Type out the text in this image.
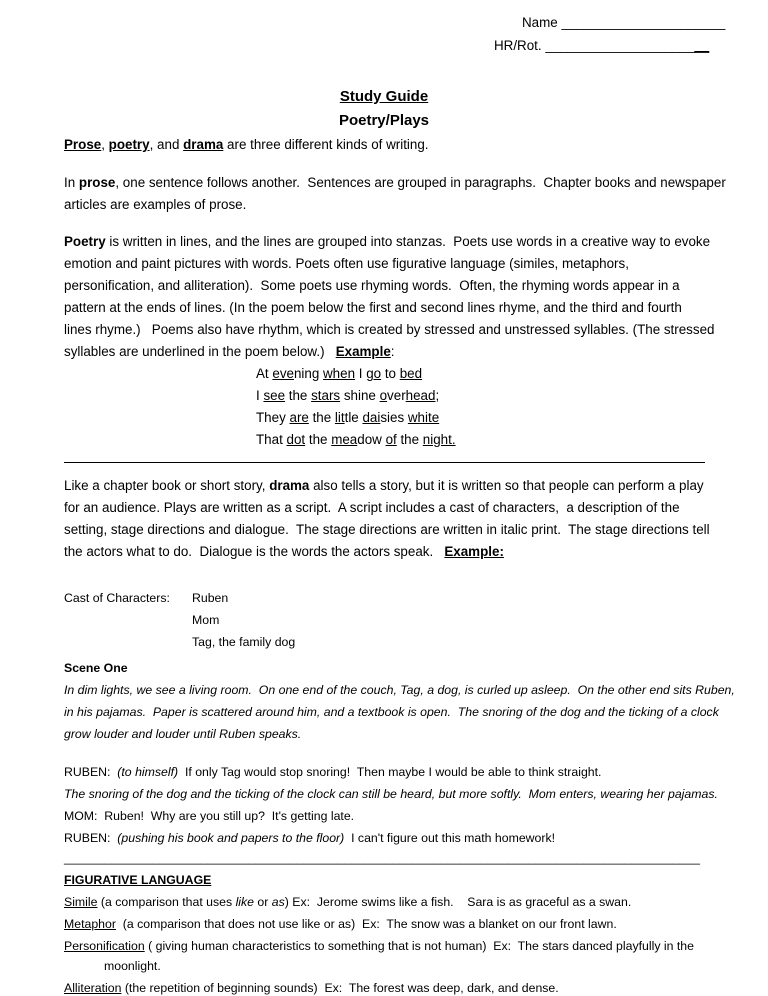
Name ______________________
HR/Rot. ______________________
Study Guide
Poetry/Plays
Prose, poetry, and drama are three different kinds of writing.
In prose, one sentence follows another.  Sentences are grouped in paragraphs.  Chapter books and newspaper
articles are examples of prose.
Poetry is written in lines, and the lines are grouped into stanzas.  Poets use words in a creative way to evoke
emotion and paint pictures with words. Poets often use figurative language (similes, metaphors,
personification, and alliteration).  Some poets use rhyming words.  Often, the rhyming words appear in a
pattern at the ends of lines. (In the poem below the first and second lines rhyme, and the third and fourth
lines rhyme.)   Poems also have rhythm, which is created by stressed and unstressed syllables. (The stressed
syllables are underlined in the poem below.)   Example:
At evening when I go to bed
I see the stars shine overhead;
They are the little daisies white
That dot the meadow of the night.
Like a chapter book or short story, drama also tells a story, but it is written so that people can perform a play
for an audience. Plays are written as a script.  A script includes a cast of characters,  a description of the
setting, stage directions and dialogue.  The stage directions are written in italic print.  The stage directions tell
the actors what to do.  Dialogue is the words the actors speak.   Example:
Cast of Characters: Ruben
Mom
Tag, the family dog
Scene One
In dim lights, we see a living room.  On one end of the couch, Tag, a dog, is curled up asleep.  On the other end sits Ruben,
in his pajamas.  Paper is scattered around him, and a textbook is open.  The snoring of the dog and the ticking of a clock
grow louder and louder until Ruben speaks.
RUBEN:  (to himself)  If only Tag would stop snoring!  Then maybe I would be able to think straight.
The snoring of the dog and the ticking of the clock can still be heard, but more softly.  Mom enters, wearing her pajamas.
MOM:  Ruben!  Why are you still up?  It's getting late.
RUBEN:  (pushing his book and papers to the floor)  I can't figure out this math homework!
_____________________________________________________________________________________________
FIGURATIVE LANGUAGE
Simile (a comparison that uses like or as) Ex:  Jerome swims like a fish.    Sara is as graceful as a swan.
Metaphor  (a comparison that does not use like or as)  Ex:  The snow was a blanket on our front lawn.
Personification ( giving human characteristics to something that is not human)  Ex:  The stars danced playfully in the
moonlight.
Alliteration (the repetition of beginning sounds)  Ex:  The forest was deep, dark, and dense.
